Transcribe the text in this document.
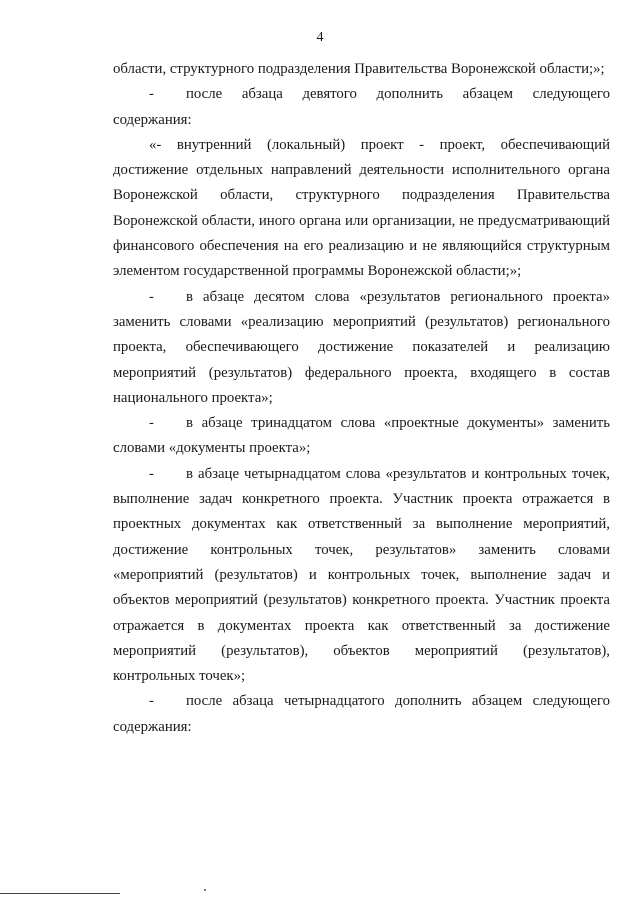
4

области, структурного подразделения Правительства Воронежской области;»;

- после абзаца девятого дополнить абзацем следующего содержания:

«- внутренний (локальный) проект - проект, обеспечивающий достижение отдельных направлений деятельности исполнительного органа Воронежской области, структурного подразделения Правительства Воронежской области, иного органа или организации, не предусматривающий финансового обеспечения на его реализацию и не являющийся структурным элементом государственной программы Воронежской области;»;

- в абзаце десятом слова «результатов регионального проекта» заменить словами «реализацию мероприятий (результатов) регионального проекта, обеспечивающего достижение показателей и реализацию мероприятий (результатов) федерального проекта, входящего в состав национального проекта»;

- в абзаце тринадцатом слова «проектные документы» заменить словами «документы проекта»;

- в абзаце четырнадцатом слова «результатов и контрольных точек, выполнение задач конкретного проекта. Участник проекта отражается в проектных документах как ответственный за выполнение мероприятий, достижение контрольных точек, результатов» заменить словами «мероприятий (результатов) и контрольных точек, выполнение задач и объектов мероприятий (результатов) конкретного проекта. Участник проекта отражается в документах проекта как ответственный за достижение мероприятий (результатов), объектов мероприятий (результатов), контрольных точек»;

- после абзаца четырнадцатого дополнить абзацем следующего содержания:
